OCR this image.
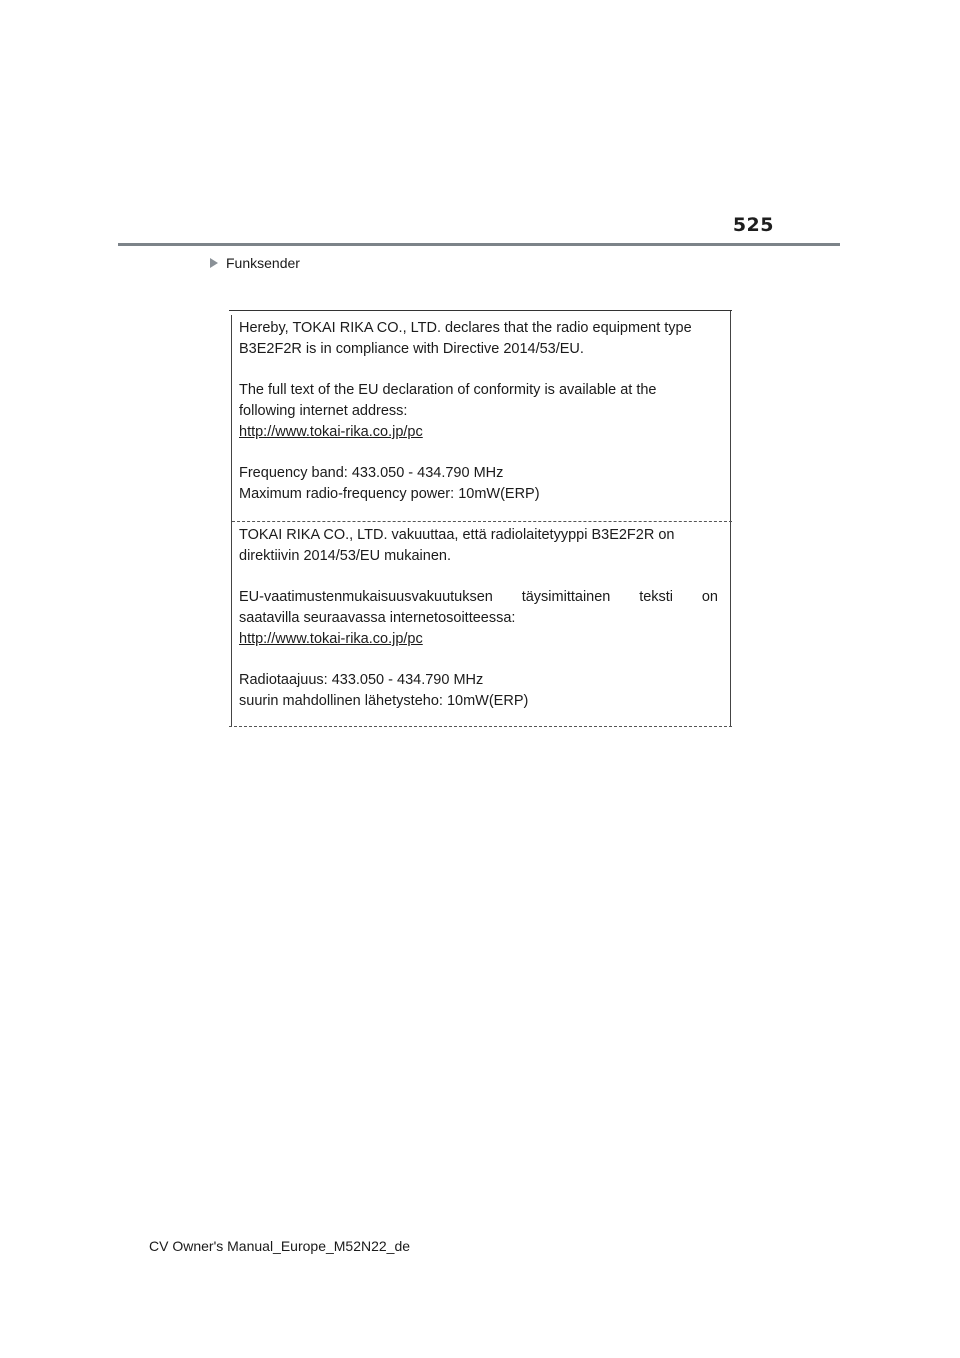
525
Funksender

Hereby, TOKAI RIKA CO., LTD. declares that the radio equipment type

B3E2F2R is in compliance with Directive 2014/53/EU.

The full text of the EU declaration of conformity is available at the

following internet address:

http://www.tokai-rika.co.jp/pc

Frequency band: 433.050 - 434.790 MHz

Maximum radio-frequency power: 10mW(ERP)

TOKAI RIKA CO., LTD. vakuuttaa, että radiolaitetyyppi B3E2F2R on

direktiivin 2014/53/EU mukainen.

EU-vaatimustenmukaisuusvakuutuksen täysimittainen teksti on

saatavilla seuraavassa internetosoitteessa:

http://www.tokai-rika.co.jp/pc

Radiotaajuus: 433.050 - 434.790 MHz

suurin mahdollinen lähetysteho: 10mW(ERP)

CV Owner's Manual_Europe_M52N22_de
